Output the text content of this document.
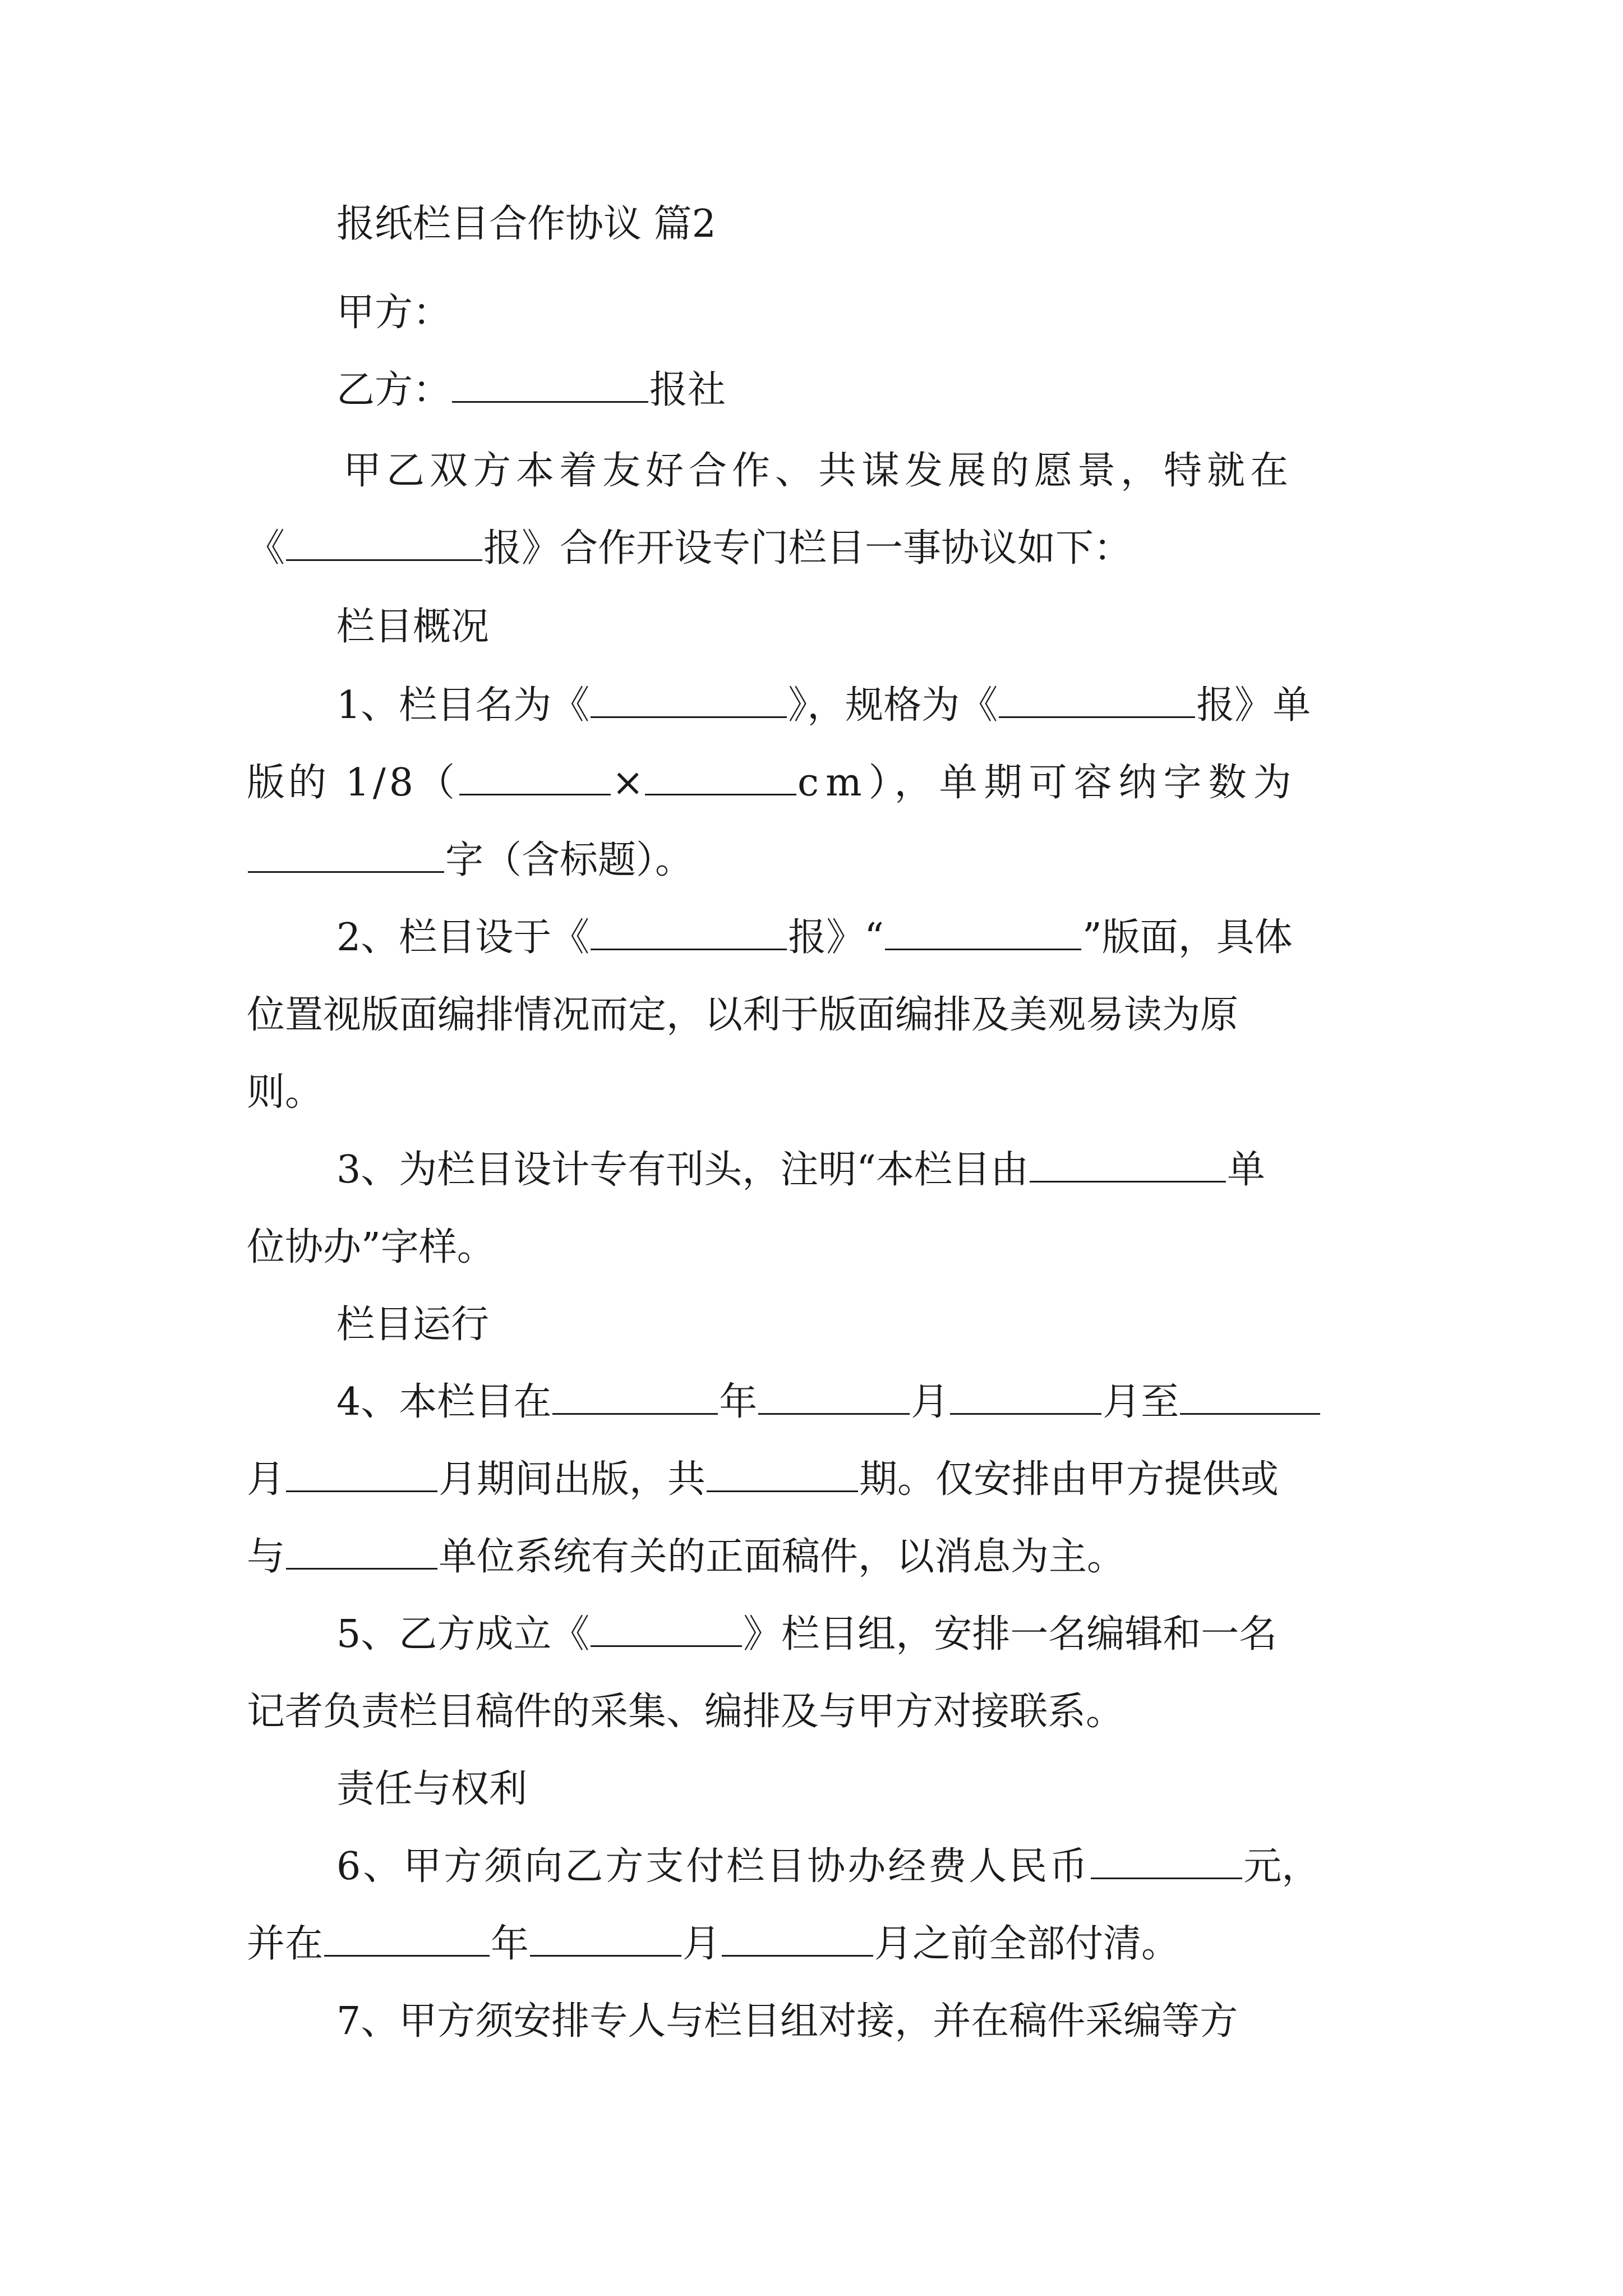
报纸栏目合作协议 篇2
甲方：
乙方：	报社
甲乙双方本着友好合作、共谋发展的愿景，特就在
《	报》合作开设专门栏目一事协议如下：
栏目概况
1、栏目名为《	》，规格为《	报》单
版的 1/8（	×	cm），单期可容纳字数为
字（含标题）。
2、栏目设于《	报》“	”版面，具体
位置视版面编排情况而定，以利于版面编排及美观易读为原
则。
3、为栏目设计专有刊头，注明“本栏目由	单
位协办”字样。
栏目运行
4、本栏目在	年	月	月至
月	月期间出版，共	期。仅安排由甲方提供或
与	单位系统有关的正面稿件，以消息为主。
5、乙方成立《	》栏目组，安排一名编辑和一名
记者负责栏目稿件的采集、编排及与甲方对接联系。
责任与权利
6、甲方须向乙方支付栏目协办经费人民币	元，
并在	年	月	月之前全部付清。
7、甲方须安排专人与栏目组对接，并在稿件采编等方
